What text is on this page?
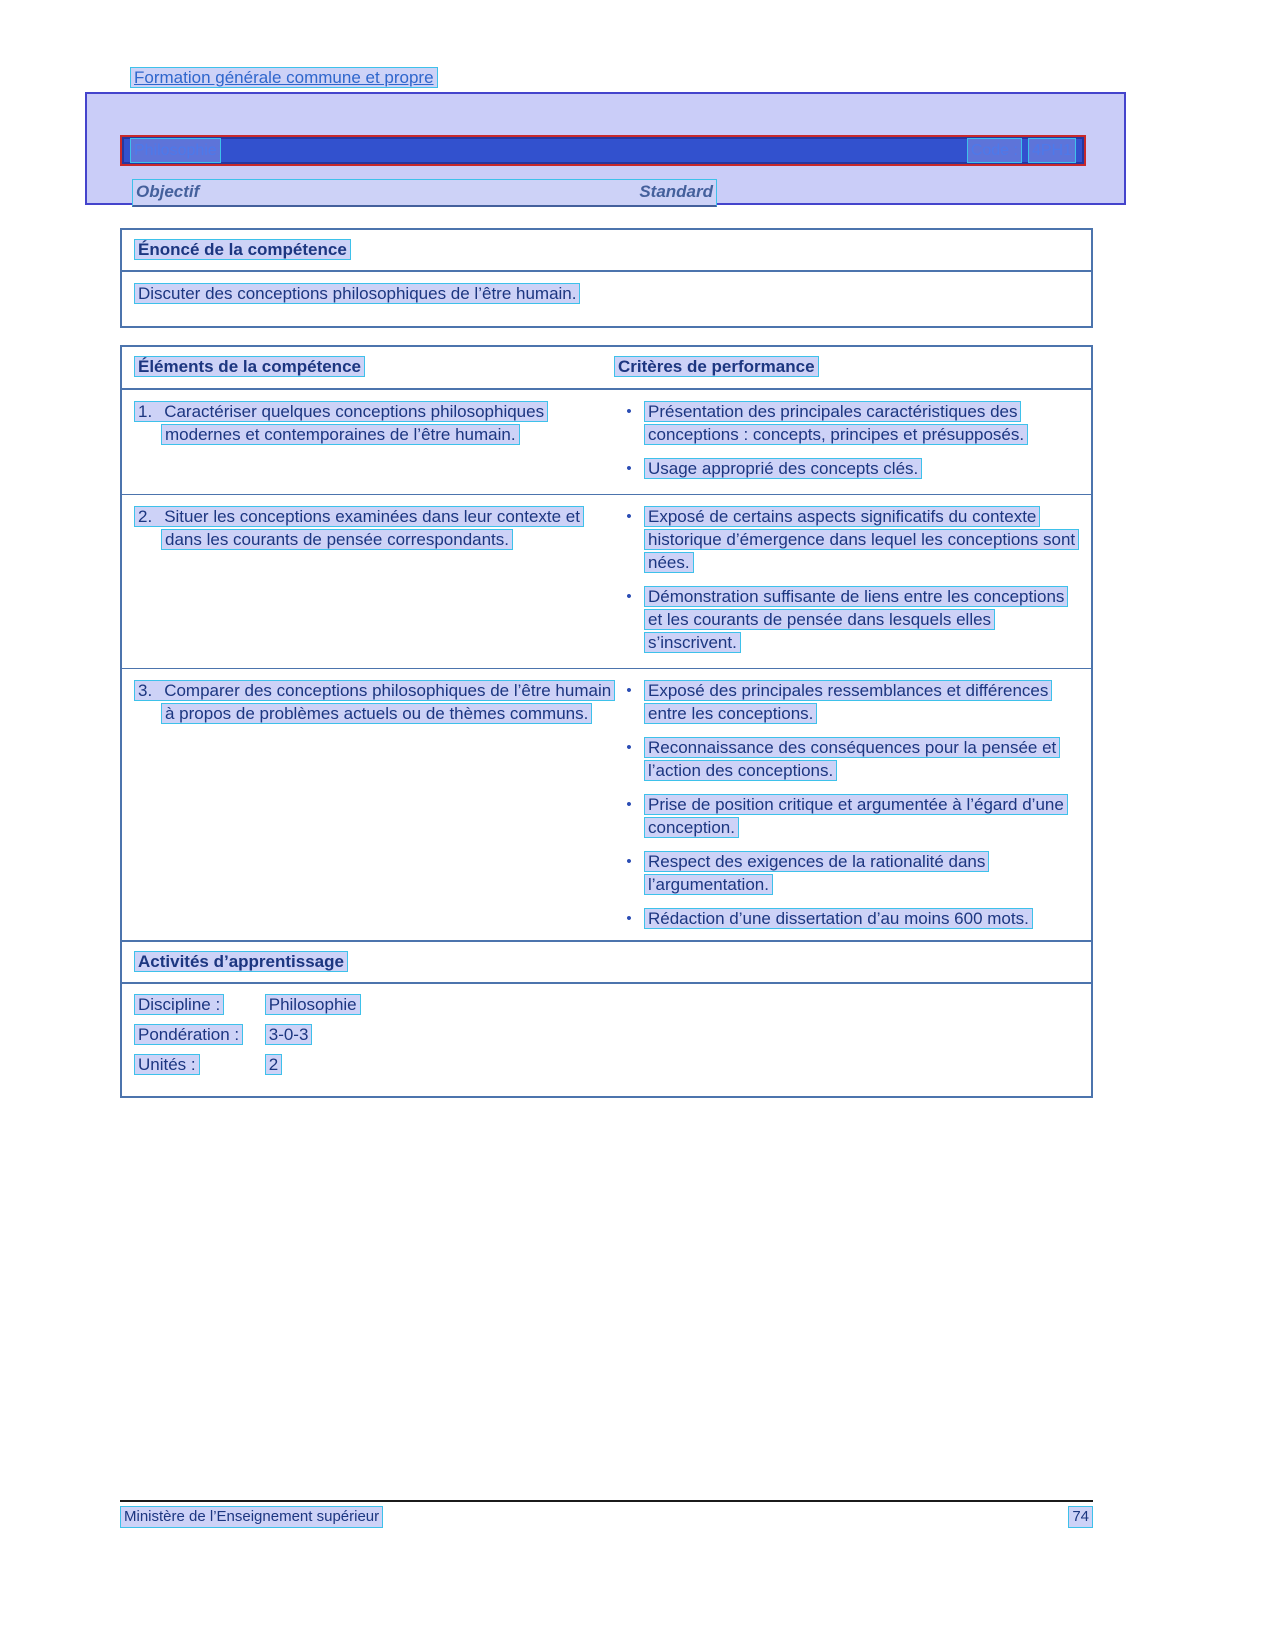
Formation générale commune et propre
Philosophie	Code : 4PH1
Objectif	Standard
Énoncé de la compétence
Discuter des conceptions philosophiques de l’être humain.
Éléments de la compétence	Critères de performance
1. Caractériser quelques conceptions philosophiques modernes et contemporaines de l’être humain.
• Présentation des principales caractéristiques des conceptions : concepts, principes et présupposés.
• Usage approprié des concepts clés.
2. Situer les conceptions examinées dans leur contexte et dans les courants de pensée correspondants.
• Exposé de certains aspects significatifs du contexte historique d’émergence dans lequel les conceptions sont nées.
• Démonstration suffisante de liens entre les conceptions et les courants de pensée dans lesquels elles s’inscrivent.
3. Comparer des conceptions philosophiques de l’être humain à propos de problèmes actuels ou de thèmes communs.
• Exposé des principales ressemblances et différences entre les conceptions.
• Reconnaissance des conséquences pour la pensée et l’action des conceptions.
• Prise de position critique et argumentée à l’égard d’une conception.
• Respect des exigences de la rationalité dans l’argumentation.
• Rédaction d’une dissertation d’au moins 600 mots.
Activités d’apprentissage
Discipline :	Philosophie
Pondération : 3-0-3
Unités :	2
Ministère de l’Enseignement supérieur	74
